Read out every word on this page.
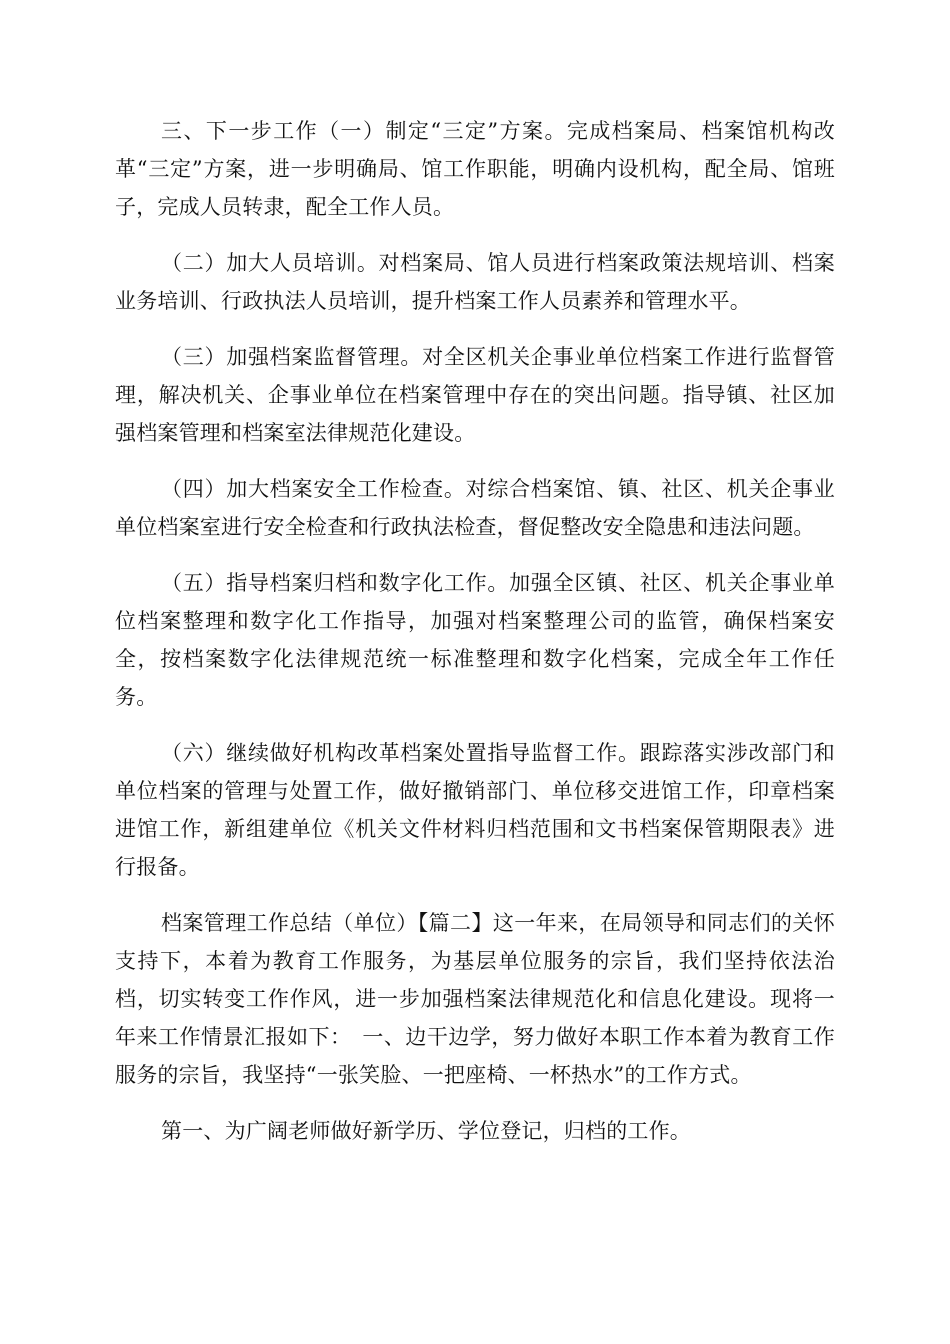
三、下一步工作（一）制定“三定”方案。完成档案局、档案馆机构改革“三定”方案，进一步明确局、馆工作职能，明确内设机构，配全局、馆班子，完成人员转隶，配全工作人员。

（二）加大人员培训。对档案局、馆人员进行档案政策法规培训、档案业务培训、行政执法人员培训，提升档案工作人员素养和管理水平。

（三）加强档案监督管理。对全区机关企事业单位档案工作进行监督管理，解决机关、企事业单位在档案管理中存在的突出问题。指导镇、社区加强档案管理和档案室法律规范化建设。

（四）加大档案安全工作检查。对综合档案馆、镇、社区、机关企事业单位档案室进行安全检查和行政执法检查，督促整改安全隐患和违法问题。

（五）指导档案归档和数字化工作。加强全区镇、社区、机关企事业单位档案整理和数字化工作指导，加强对档案整理公司的监管，确保档案安全，按档案数字化法律规范统一标准整理和数字化档案，完成全年工作任务。

（六）继续做好机构改革档案处置指导监督工作。跟踪落实涉改部门和单位档案的管理与处置工作，做好撤销部门、单位移交进馆工作，印章档案进馆工作，新组建单位《机关文件材料归档范围和文书档案保管期限表》进行报备。

档案管理工作总结（单位）【篇二】这一年来，在局领导和同志们的关怀支持下，本着为教育工作服务，为基层单位服务的宗旨，我们坚持依法治档，切实转变工作作风，进一步加强档案法律规范化和信息化建设。现将一年来工作情景汇报如下：　一、边干边学，努力做好本职工作本着为教育工作服务的宗旨，我坚持“一张笑脸、一把座椅、一杯热水”的工作方式。

第一、为广阔老师做好新学历、学位登记，归档的工作。
